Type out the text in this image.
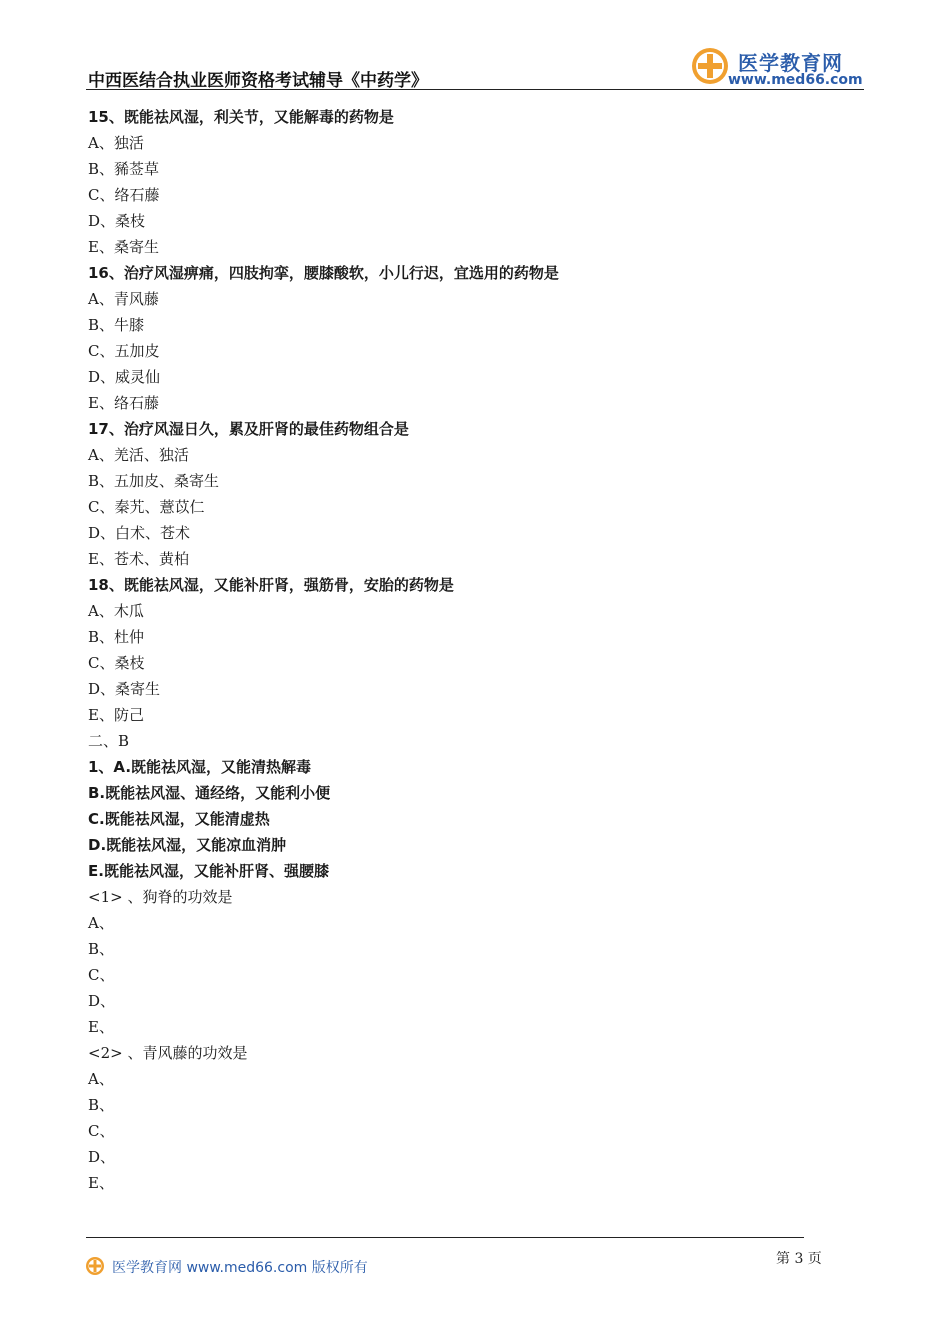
中西医结合执业医师资格考试辅导《中药学》
医学教育网
www.med66.com
15、既能祛风湿，利关节，又能解毒的药物是
A、独活
B、豨莶草
C、络石藤
D、桑枝
E、桑寄生
16、治疗风湿痹痛，四肢拘挛，腰膝酸软，小儿行迟，宜选用的药物是
A、青风藤
B、牛膝
C、五加皮
D、威灵仙
E、络石藤
17、治疗风湿日久，累及肝肾的最佳药物组合是
A、羌活、独活
B、五加皮、桑寄生
C、秦艽、薏苡仁
D、白术、苍术
E、苍术、黄柏
18、既能祛风湿，又能补肝肾，强筋骨，安胎的药物是
A、木瓜
B、杜仲
C、桑枝
D、桑寄生
E、防己
二、B
1、A.既能祛风湿，又能清热解毒
B.既能祛风湿、通经络，又能利小便
C.既能祛风湿，又能清虚热
D.既能祛风湿，又能凉血消肿
E.既能祛风湿，又能补肝肾、强腰膝
<1> 、狗脊的功效是
A、
B、
C、
D、
E、
<2> 、青风藤的功效是
A、
B、
C、
D、
E、
第 3 页
医学教育网 www.med66.com 版权所有
